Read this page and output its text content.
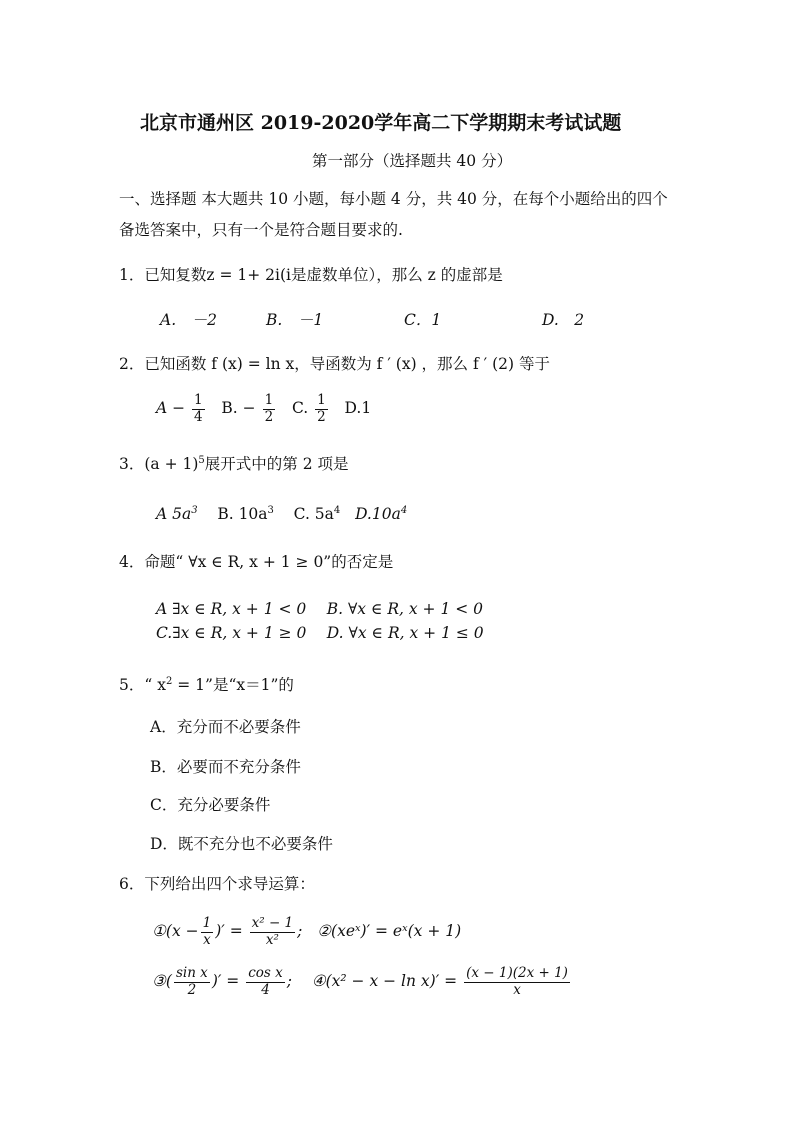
北京市通州区 2019-2020学年高二下学期期末考试试题
第一部分（选择题共 40 分）
一、选择题 本大题共 10 小题，每小题 4 分，共 40 分，在每个小题给出的四个
备选答案中，只有一个是符合题目要求的.
1．已知复数z = 1+ 2i(i是虚数单位），那么 z 的虚部是
A.　－2	B.　－1	C．1	D.　2
2．已知函数 f (x) = ln x，导函数为 f ′ (x) ，那么 f ′ (2) 等于
$A - \frac{1}{4} B$. − $\frac{1}{2} C$. $\frac{1}{2} D.1$
3．$(a + 1)^5$展开式中的第 2 项是
A $5a^3$ B. $10a^3$ C. $5a^4$ $D.10a^4$
4．命题“ ∀x ∈ R, x + 1 ≥ 0”的否定是
A ∃x ∈ R, x + 1 < 0　 B. ∀x ∈ R, x + 1 < 0
C.∃x ∈ R, x + 1 ≥ 0　 D. ∀x ∈ R, x + 1 ≤ 0
5．“ $x^2 = 1$”是“x＝1”的
A．充分而不必要条件
B．必要而不充分条件
C．充分必要条件
D．既不充分也不必要条件
6．下列给出四个求导运算：
①(x − $\frac{1}{x}$ )′ = $\frac{\text{x² − 1}}{\text{x²}}$ ; ②(xeˣ)′ = eˣ(x + 1)
③( $\frac{\text{sin x}}{2}$ )′ = $\frac{\text{cos x}}{4}$ ; ④(x² − $x - \ln x)' = \frac{(x - 1)(2x + 1)}{x}$
